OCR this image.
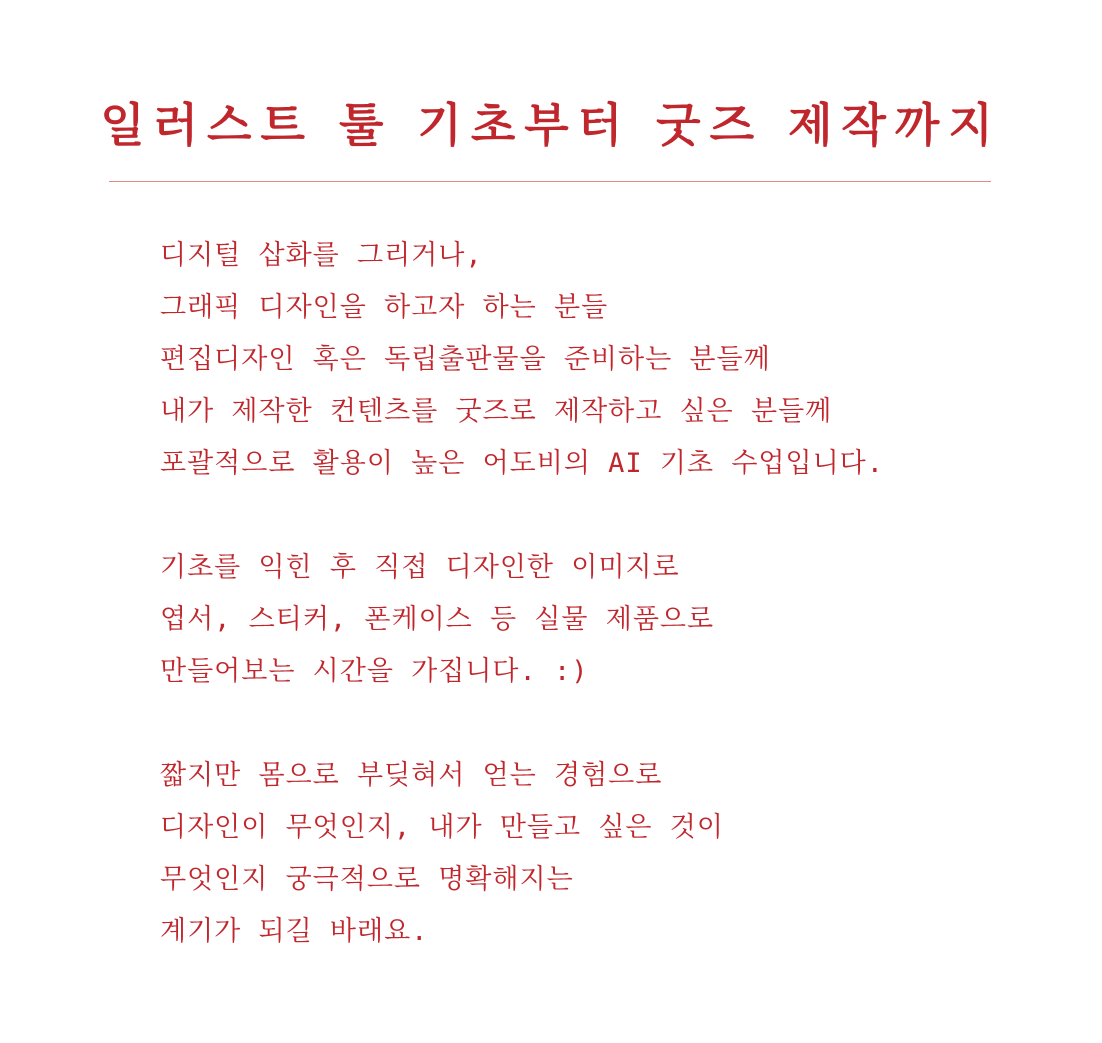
일러스트 툴 기초부터 굿즈 제작까지

디지털 삽화를 그리거나,
그래픽 디자인을 하고자 하는 분들
편집디자인 혹은 독립출판물을 준비하는 분들께
내가 제작한 컨텐츠를 굿즈로 제작하고 싶은 분들께
포괄적으로 활용이 높은 어도비의 AI 기초 수업입니다.

기초를 익힌 후 직접 디자인한 이미지로
엽서, 스티커, 폰케이스 등 실물 제품으로
만들어보는 시간을 가집니다. :)

짧지만 몸으로 부딪혀서 얻는 경험으로
디자인이 무엇인지, 내가 만들고 싶은 것이
무엇인지 궁극적으로 명확해지는
계기가 되길 바래요.
